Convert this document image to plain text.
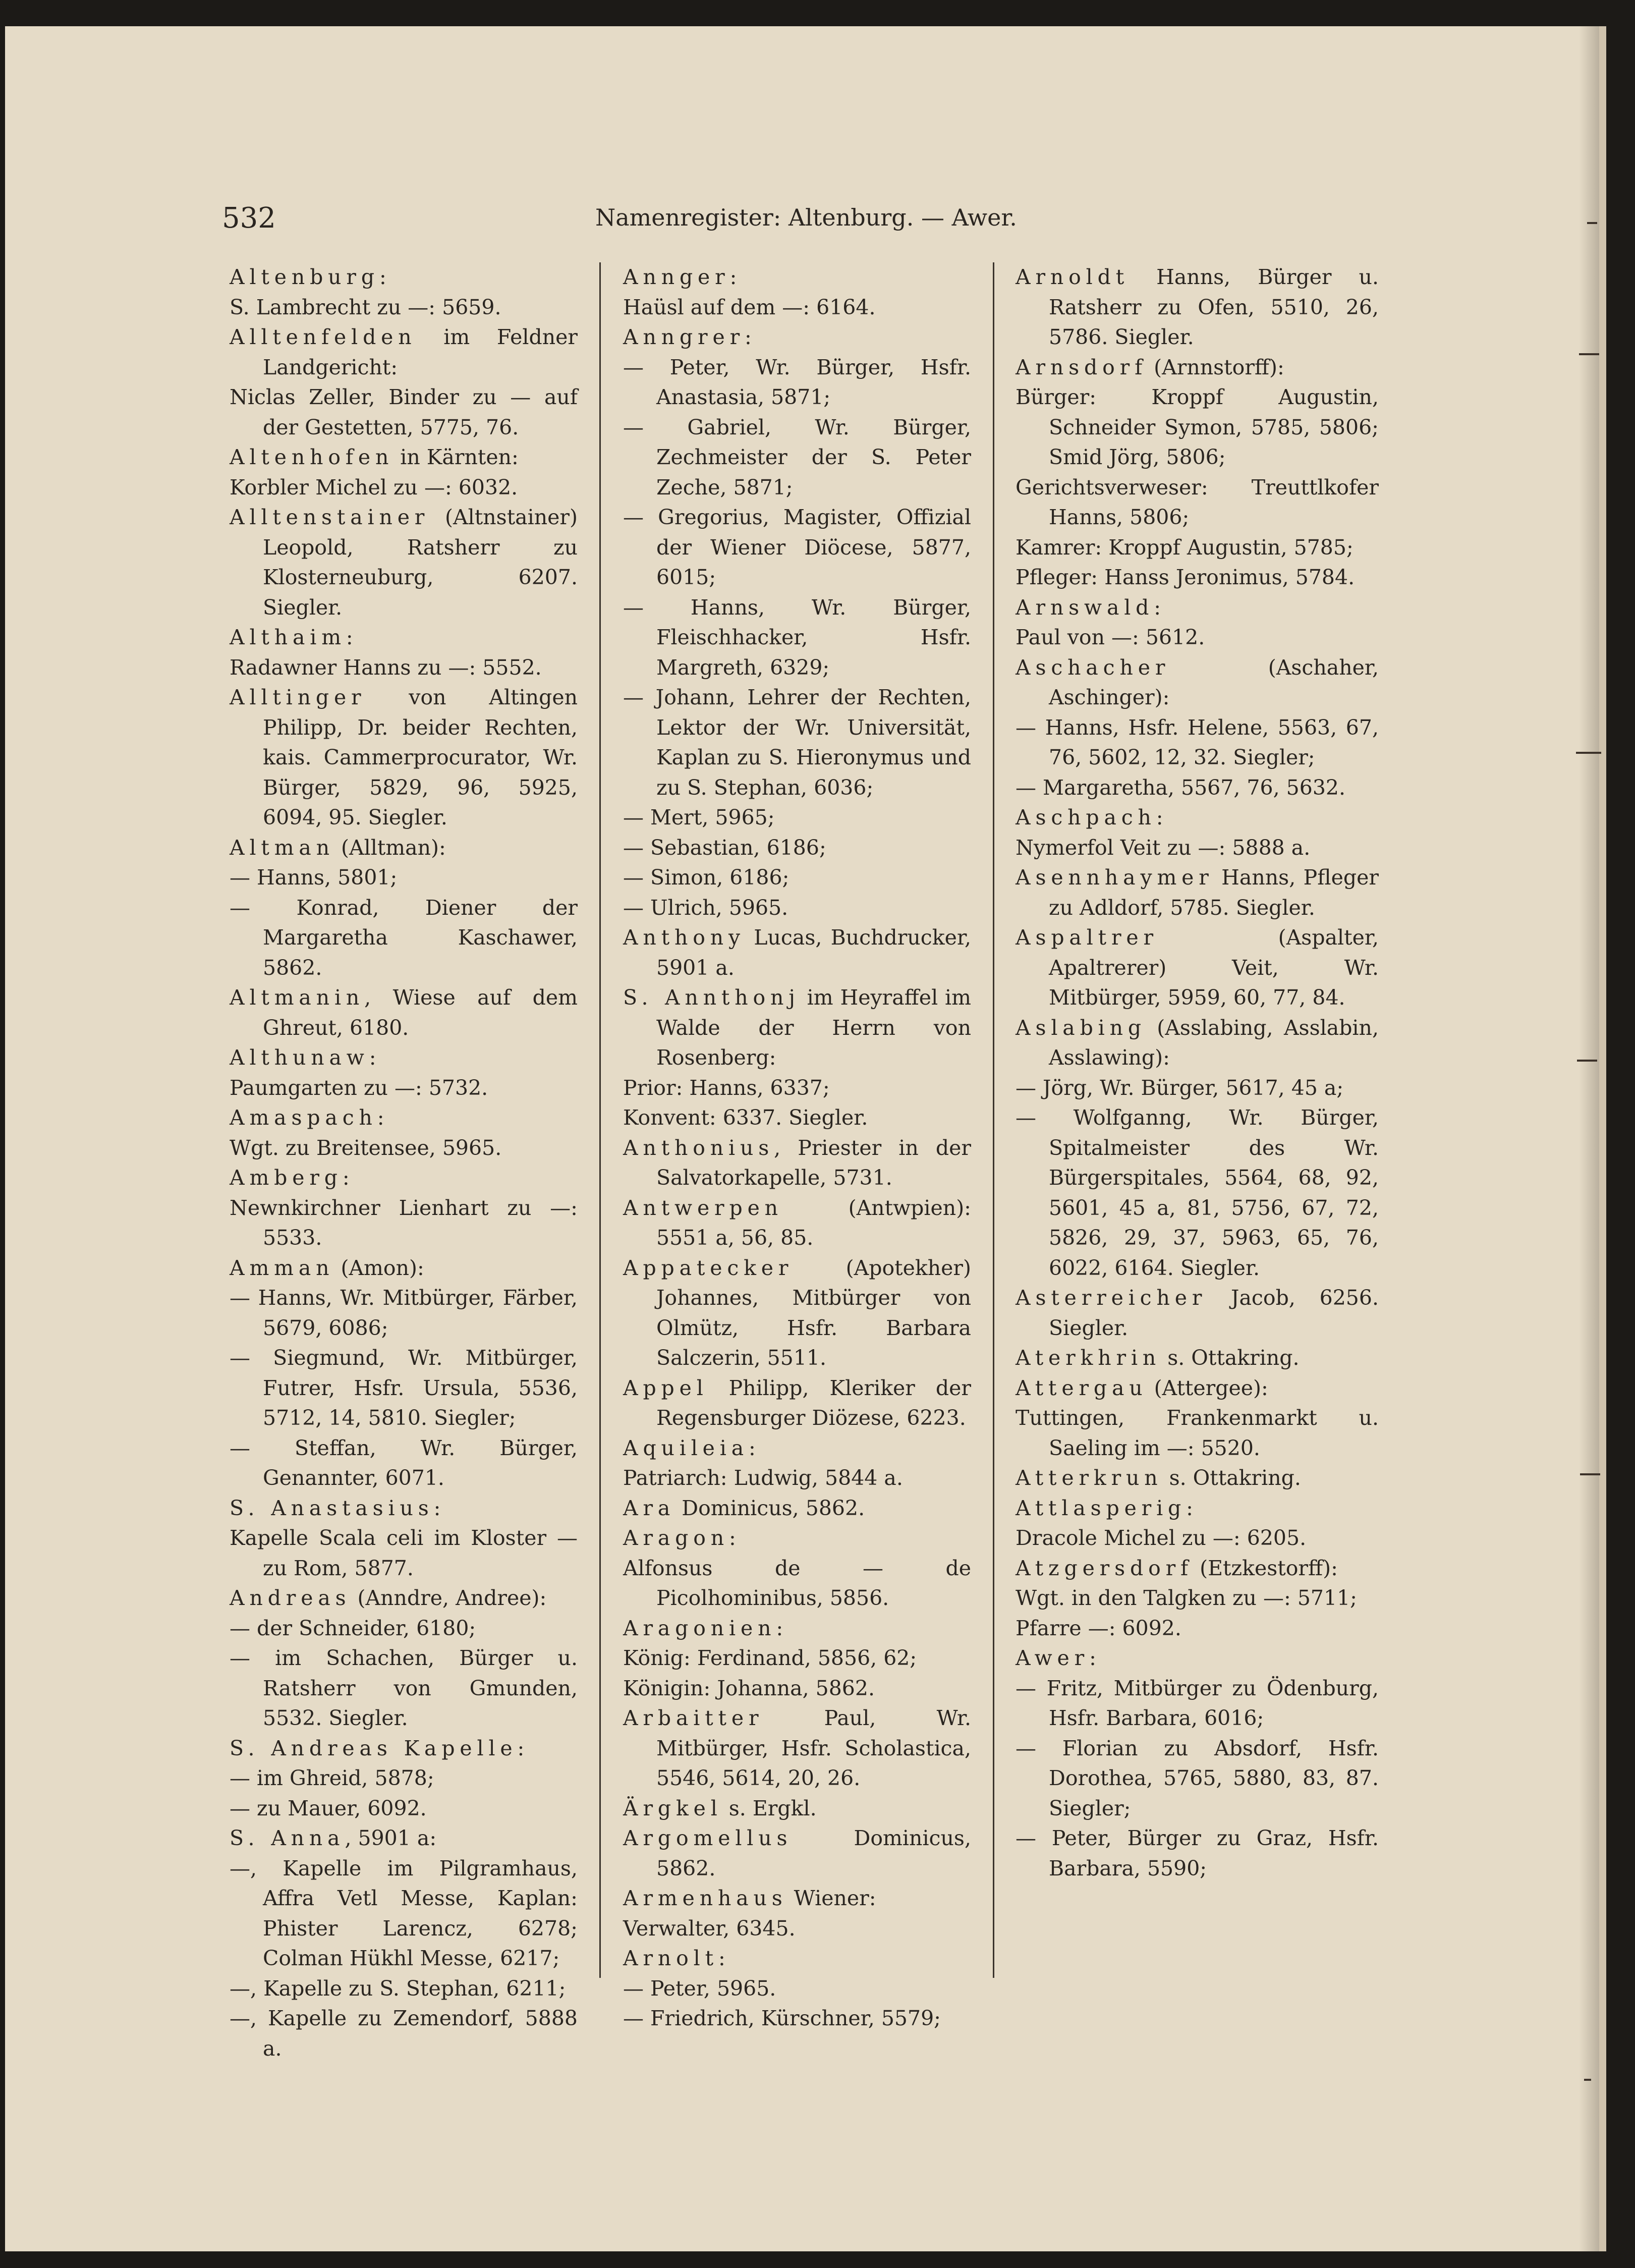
532	Namenregister: Altenburg. — Awer.

Altenburg:

S. Lambrecht zu —: 5659.

Alltenfelden im Feldner Landgericht:

Niclas Zeller, Binder zu — auf der Gestetten, 5775, 76.

Altenhofen in Kärnten:

Korbler Michel zu —: 6032.

Alltenstainer (Altnstainer) Leopold, Ratsherr zu Klosterneuburg, 6207. Siegler.

Althaim:

Radawner Hanns zu —: 5552.

Alltinger von Altingen Philipp, Dr. beider Rechten, kais. Cammerprocurator, Wr. Bürger, 5829, 96, 5925, 6094, 95. Siegler.

Altman (Alltman):

— Hanns, 5801;

— Konrad, Diener der Margaretha Kaschawer, 5862.

Altmanin, Wiese auf dem Ghreut, 6180.

Althunaw:

Paumgarten zu —: 5732.

Amaspach:

Wgt. zu Breitensee, 5965.

Amberg:

Newnkirchner Lienhart zu —: 5533.

Amman (Amon):

— Hanns, Wr. Mitbürger, Färber, 5679, 6086;

— Siegmund, Wr. Mitbürger, Futrer, Hsfr. Ursula, 5536, 5712, 14, 5810. Siegler;

— Steffan, Wr. Bürger, Genannter, 6071.

S. Anastasius:

Kapelle Scala celi im Kloster — zu Rom, 5877.

Andreas (Anndre, Andree):

— der Schneider, 6180;

— im Schachen, Bürger u. Ratsherr von Gmunden, 5532. Siegler.

S. Andreas Kapelle:

— im Ghreid, 5878;

— zu Mauer, 6092.

S. Anna, 5901 a:

—, Kapelle im Pilgramhaus, Affra Vetl Messe, Kaplan: Phister Larencz, 6278; Colman Hükhl Messe, 6217;

—, Kapelle zu S. Stephan, 6211;

—, Kapelle zu Zemendorf, 5888 a.

Annger:

Haüsl auf dem —: 6164.

Anngrer:

— Peter, Wr. Bürger, Hsfr. Anastasia, 5871;

— Gabriel, Wr. Bürger, Zechmeister der S. Peter Zeche, 5871;

— Gregorius, Magister, Offizial der Wiener Diöcese, 5877, 6015;

— Hanns, Wr. Bürger, Fleischhacker, Hsfr. Margreth, 6329;

— Johann, Lehrer der Rechten, Lektor der Wr. Universität, Kaplan zu S. Hieronymus und zu S. Stephan, 6036;

— Mert, 5965;

— Sebastian, 6186;

— Simon, 6186;

— Ulrich, 5965.

Anthony Lucas, Buchdrucker, 5901 a.

S. Annthonj im Heyraffel im Walde der Herrn von Rosenberg:

Prior: Hanns, 6337;

Konvent: 6337. Siegler.

Anthonius, Priester in der Salvatorkapelle, 5731.

Antwerpen (Antwpien): 5551 a, 56, 85.

Appatecker (Apotekher) Johannes, Mitbürger von Olmütz, Hsfr. Barbara Salczerin, 5511.

Appel Philipp, Kleriker der Regensburger Diözese, 6223.

Aquileia:

Patriarch: Ludwig, 5844 a.

Ara Dominicus, 5862.

Aragon:

Alfonsus de — de Picolhominibus, 5856.

Aragonien:

König: Ferdinand, 5856, 62;

Königin: Johanna, 5862.

Arbaitter Paul, Wr. Mitbürger, Hsfr. Scholastica, 5546, 5614, 20, 26.

Ärgkel s. Ergkl.

Argomellus Dominicus, 5862.

Armenhaus Wiener:

Verwalter, 6345.

Arnolt:

— Peter, 5965.

— Friedrich, Kürschner, 5579;

Arnoldt Hanns, Bürger u. Ratsherr zu Ofen, 5510, 26, 5786. Siegler.

Arnsdorf (Arnnstorff):

Bürger: Kroppf Augustin, Schneider Symon, 5785, 5806; Smid Jörg, 5806;

Gerichtsverweser: Treuttlkofer Hanns, 5806;

Kamrer: Kroppf Augustin, 5785;

Pfleger: Hanss Jeronimus, 5784.

Arnswald:

Paul von —: 5612.

Aschacher (Aschaher, Aschinger):

— Hanns, Hsfr. Helene, 5563, 67, 76, 5602, 12, 32. Siegler;

— Margaretha, 5567, 76, 5632.

Aschpach:

Nymerfol Veit zu —: 5888 a.

Asennhaymer Hanns, Pfleger zu Adldorf, 5785. Siegler.

Aspaltrer (Aspalter, Apaltrerer) Veit, Wr. Mitbürger, 5959, 60, 77, 84.

Aslabing (Asslabing, Asslabin, Asslawing):

— Jörg, Wr. Bürger, 5617, 45 a;

— Wolfganng, Wr. Bürger, Spitalmeister des Wr. Bürgerspitales, 5564, 68, 92, 5601, 45 a, 81, 5756, 67, 72, 5826, 29, 37, 5963, 65, 76, 6022, 6164. Siegler.

Asterreicher Jacob, 6256. Siegler.

Aterkhrin s. Ottakring.

Attergau (Attergee):

Tuttingen, Frankenmarkt u. Saeling im —: 5520.

Atterkrun s. Ottakring.

Attlasperig:

Dracole Michel zu —: 6205.

Atzgersdorf (Etzkestorff):

Wgt. in den Talgken zu —: 5711;

Pfarre —: 6092.

Awer:

— Fritz, Mitbürger zu Ödenburg, Hsfr. Barbara, 6016;

— Florian zu Absdorf, Hsfr. Dorothea, 5765, 5880, 83, 87. Siegler;

— Peter, Bürger zu Graz, Hsfr. Barbara, 5590;
